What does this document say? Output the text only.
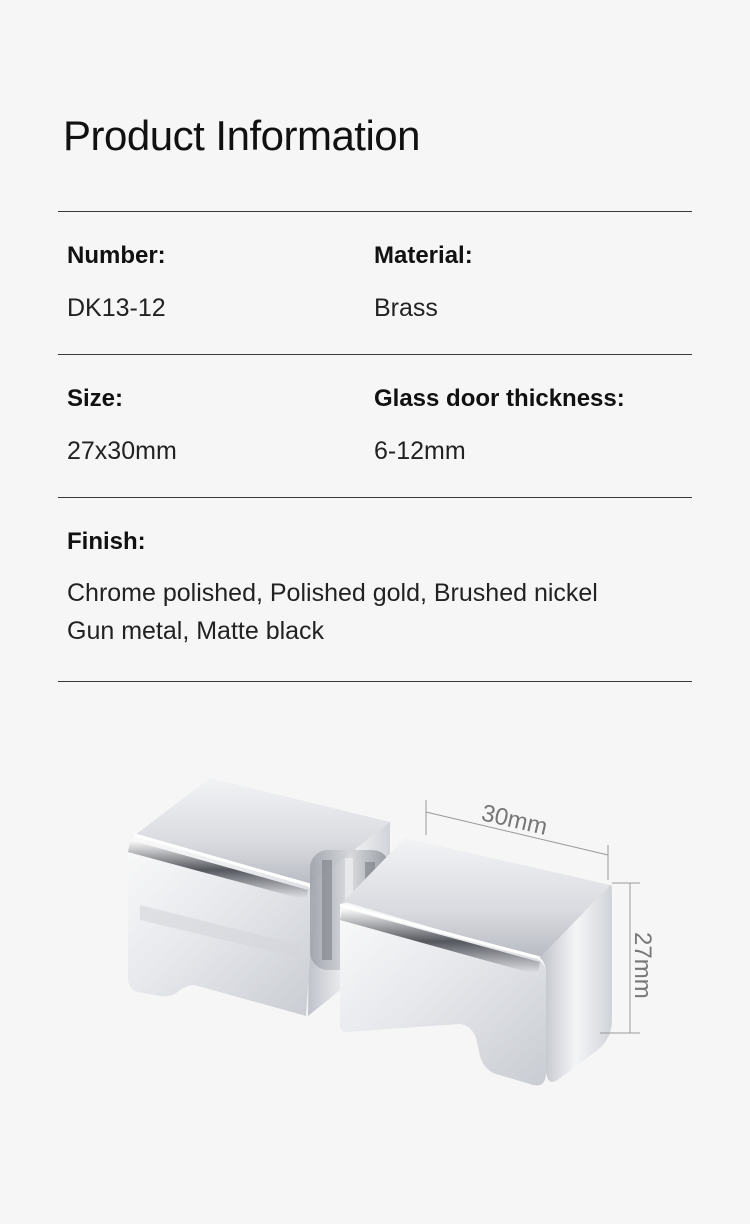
Product Information
Number:
DK13-12
Material:
Brass
Size:
27x30mm
Glass door thickness:
6-12mm
Finish:
Chrome polished, Polished gold, Brushed nickel
Gun metal, Matte black
30mm
27mm
